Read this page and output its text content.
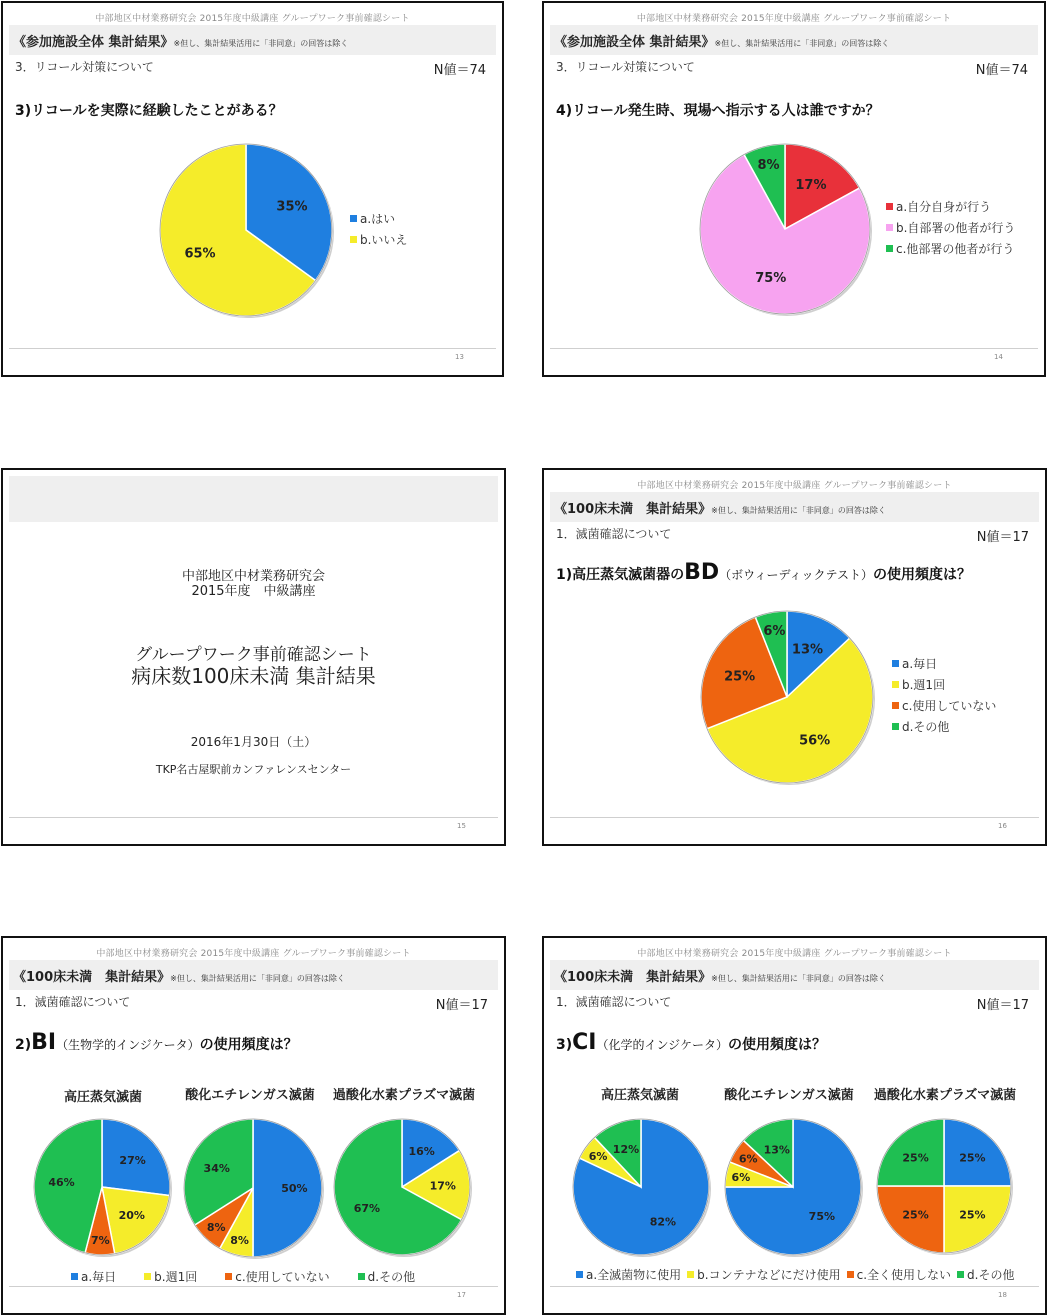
中部地区中材業務研究会 2015年度中級講座 グループワーク事前確認シート
《参加施設全体 集計結果》※但し、集計結果活用に「非同意」の回答は除く
3．リコール対策について	N値＝74
3)リコールを実際に経験したことがある？
35%
65%
a.はい
b.いいえ
13
中部地区中材業務研究会 2015年度中級講座 グループワーク事前確認シート
《参加施設全体 集計結果》※但し、集計結果活用に「非同意」の回答は除く
3．リコール対策について	N値＝74
4)リコール発生時、現場へ指示する人は誰ですか？
17%
75%
8%
a.自分自身が行う
b.自部署の他者が行う
c.他部署の他者が行う
14
中部地区中材業務研究会
2015年度　中級講座
グループワーク事前確認シート
病床数100床未満 集計結果
2016年1月30日（土）
TKP名古屋駅前カンファレンスセンター
15
中部地区中材業務研究会 2015年度中級講座 グループワーク事前確認シート
《100床未満　集計結果》※但し、集計結果活用に「非同意」の回答は除く
1．滅菌確認について	N値＝17
1)高圧蒸気滅菌器のBD（ボウィーディックテスト）の使用頻度は？
13%
56%
25%
6%
a.毎日
b.週1回
c.使用していない
d.その他
16
中部地区中材業務研究会 2015年度中級講座 グループワーク事前確認シート
《100床未満　集計結果》※但し、集計結果活用に「非同意」の回答は除く
1．滅菌確認について	N値＝17
2)BI（生物学的インジケータ）の使用頻度は？
高圧蒸気滅菌	酸化エチレンガス滅菌	過酸化水素プラズマ滅菌
27%
20%
7%
46%	50%
8%
8%
34%
16%
17%
67%
a.毎日	b.週1回	c.使用していない	d.その他
17
中部地区中材業務研究会 2015年度中級講座 グループワーク事前確認シート
《100床未満　集計結果》※但し、集計結果活用に「非同意」の回答は除く
1．滅菌確認について	N値＝17
3)CI（化学的インジケータ）の使用頻度は？
高圧蒸気滅菌	酸化エチレンガス滅菌	過酸化水素プラズマ滅菌
82%
6%
12%
75%
6%
6%
13%
25%
25%
25%
25%
a.全滅菌物に使用 b.コンテナなどにだけ使用 c.全く使用しない d.その他
18
